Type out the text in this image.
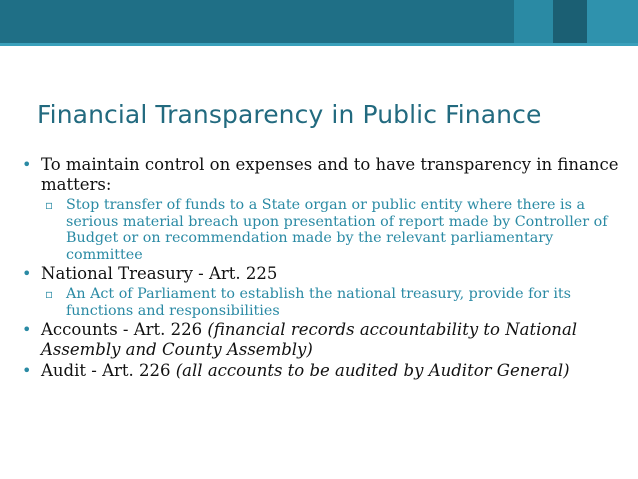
Financial Transparency in Public Finance
• To maintain control on expenses and to have transparency in finance matters:
▫ Stop transfer of funds to a State organ or public entity where there is a serious material breach upon presentation of report made by Controller of Budget or on recommendation made by the relevant parliamentary committee
• National Treasury - Art. 225
▫ An Act of Parliament to establish the national treasury, provide for its functions and responsibilities
• Accounts - Art. 226 (financial records accountability to National Assembly and County Assembly)
• Audit - Art. 226 (all accounts to be audited by Auditor General)
